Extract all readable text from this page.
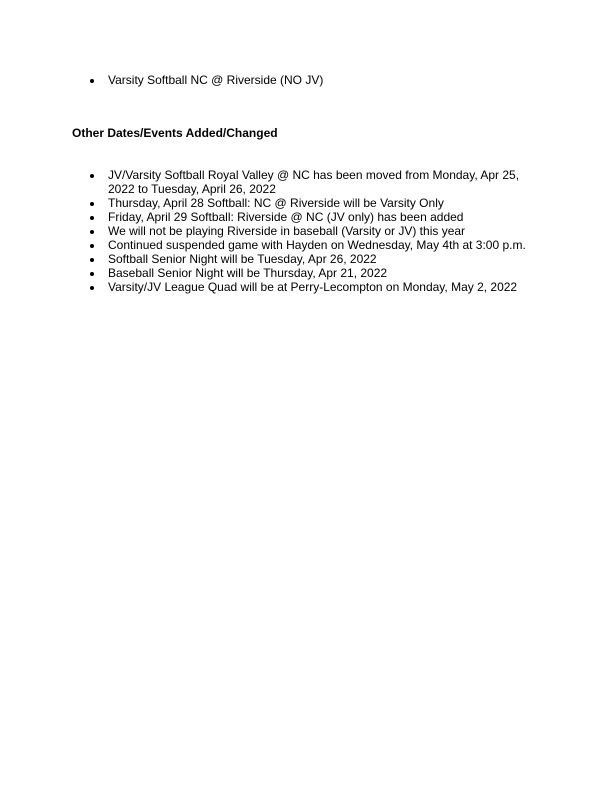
Varsity Softball NC @ Riverside (NO JV)
Other Dates/Events Added/Changed
JV/Varsity Softball Royal Valley @ NC has been moved from Monday, Apr 25, 2022 to Tuesday, April 26, 2022
Thursday, April 28 Softball: NC @ Riverside will be Varsity Only
Friday, April 29 Softball: Riverside @ NC (JV only) has been added
We will not be playing Riverside in baseball (Varsity or JV) this year
Continued suspended game with Hayden on Wednesday, May 4th at 3:00 p.m.
Softball Senior Night will be Tuesday, Apr 26, 2022
Baseball Senior Night will be Thursday, Apr 21, 2022
Varsity/JV League Quad will be at Perry-Lecompton on Monday, May 2, 2022
